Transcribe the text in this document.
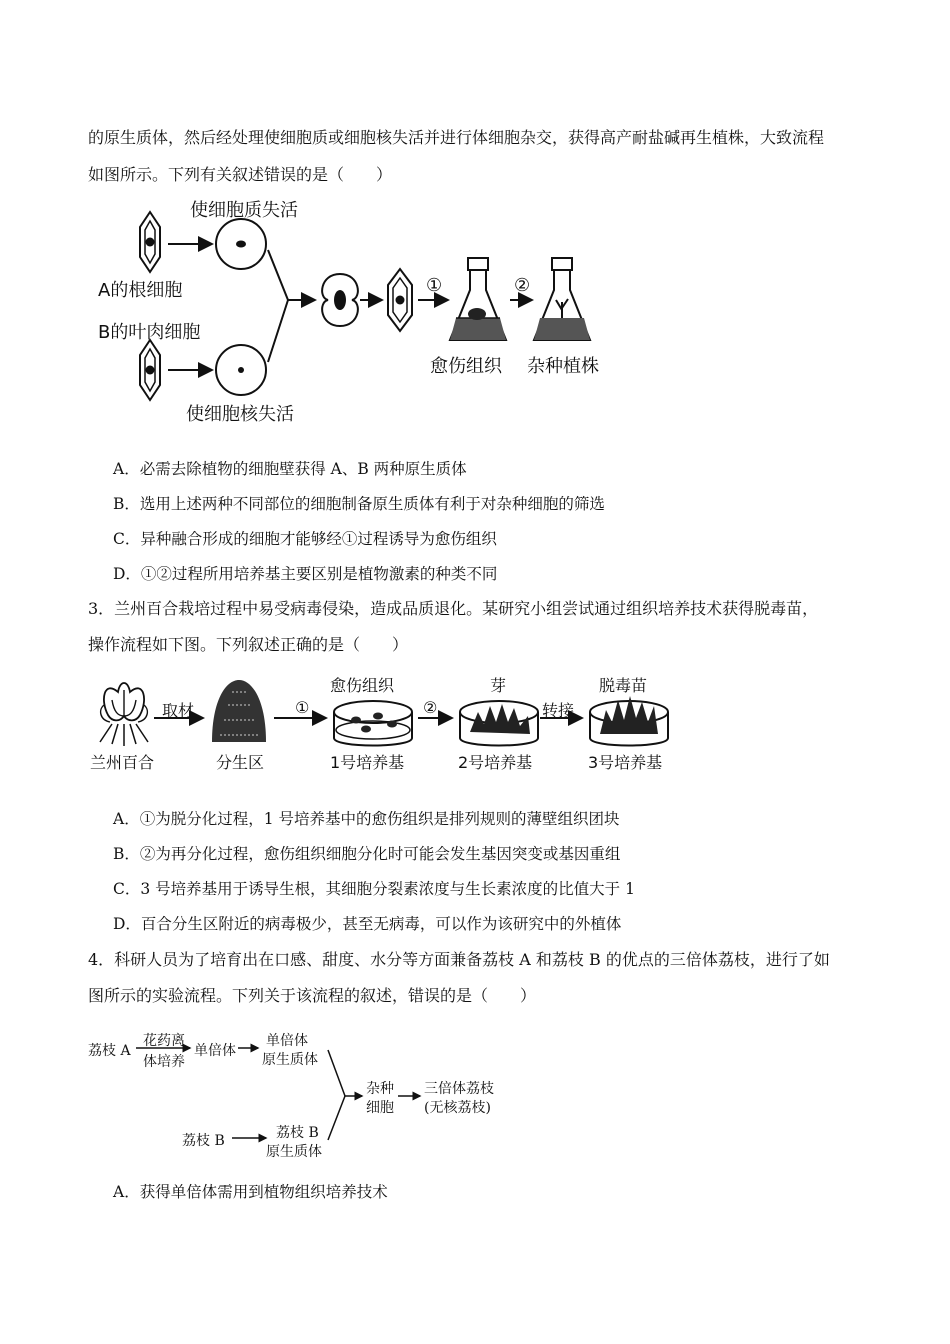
的原生质体，然后经处理使细胞质或细胞核失活并进行体细胞杂交，获得高产耐盐碱再生植株，大致流程
如图所示。下列有关叙述错误的是（　　）
使细胞质失活
A的根细胞
B的叶肉细胞
使细胞核失活
①	②
愈伤组织 杂种植株
A．必需去除植物的细胞壁获得 A、B 两种原生质体
B．选用上述两种不同部位的细胞制备原生质体有利于对杂种细胞的筛选
C．异种融合形成的细胞才能够经①过程诱导为愈伤组织
D．①②过程所用培养基主要区别是植物激素的种类不同
3．兰州百合栽培过程中易受病毒侵染，造成品质退化。某研究小组尝试通过组织培养技术获得脱毒苗，
操作流程如下图。下列叙述正确的是（　　）
取材	①
愈伤组织
②
芽
转接
脱毒苗
兰州百合	分生区	1号培养基	2号培养基	3号培养基
A．①为脱分化过程，1 号培养基中的愈伤组织是排列规则的薄壁组织团块
B．②为再分化过程，愈伤组织细胞分化时可能会发生基因突变或基因重组
C．3 号培养基用于诱导生根，其细胞分裂素浓度与生长素浓度的比值大于 1
D．百合分生区附近的病毒极少，甚至无病毒，可以作为该研究中的外植体
4．科研人员为了培育出在口感、甜度、水分等方面兼备荔枝 A 和荔枝 B 的优点的三倍体荔枝，进行了如
图所示的实验流程。下列关于该流程的叙述，错误的是（　　）
荔枝 A
花药离
体培养
单倍体
单倍体
原生质体
杂种
细胞
三倍体荔枝
(无核荔枝)
荔枝 B	荔枝 B
原生质体
A．获得单倍体需用到植物组织培养技术
